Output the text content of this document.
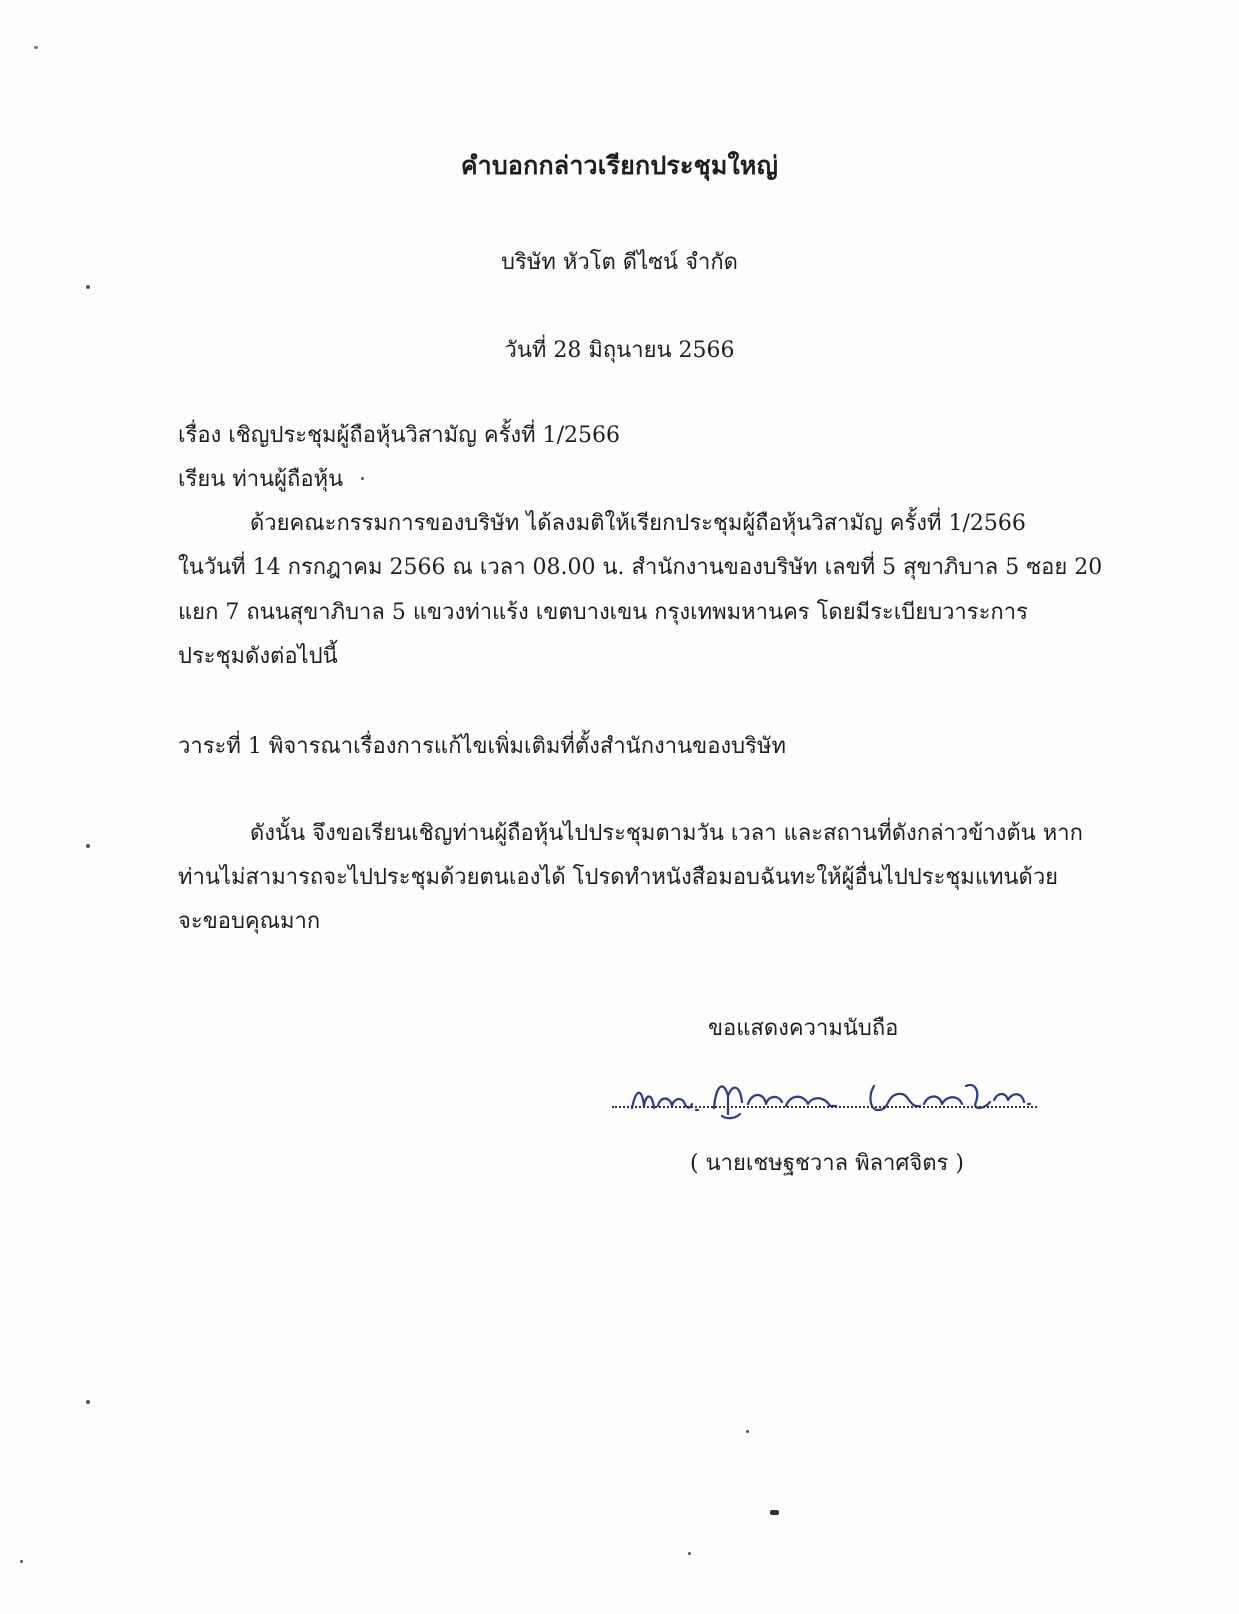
คำบอกกล่าวเรียกประชุมใหญ่
บริษัท หัวโต ดีไซน์ จำกัด
วันที่ 28 มิถุนายน 2566
เรื่อง เชิญประชุมผู้ถือหุ้นวิสามัญ ครั้งที่ 1/2566
เรียน ท่านผู้ถือหุ้น
ด้วยคณะกรรมการของบริษัท ได้ลงมติให้เรียกประชุมผู้ถือหุ้นวิสามัญ ครั้งที่ 1/2566
ในวันที่ 14 กรกฎาคม 2566 ณ เวลา 08.00 น. สำนักงานของบริษัท เลขที่ 5 สุขาภิบาล 5 ซอย 20
แยก 7 ถนนสุขาภิบาล 5 แขวงท่าแร้ง เขตบางเขน กรุงเทพมหานคร โดยมีระเบียบวาระการ
ประชุมดังต่อไปนี้
วาระที่ 1 พิจารณาเรื่องการแก้ไขเพิ่มเติมที่ตั้งสำนักงานของบริษัท
ดังนั้น จึงขอเรียนเชิญท่านผู้ถือหุ้นไปประชุมตามวัน เวลา และสถานที่ดังกล่าวข้างต้น หาก
ท่านไม่สามารถจะไปประชุมด้วยตนเองได้ โปรดทำหนังสือมอบฉันทะให้ผู้อื่นไปประชุมแทนด้วย
จะขอบคุณมาก
ขอแสดงความนับถือ
( นายเชษฐชวาล พิลาศจิตร )
